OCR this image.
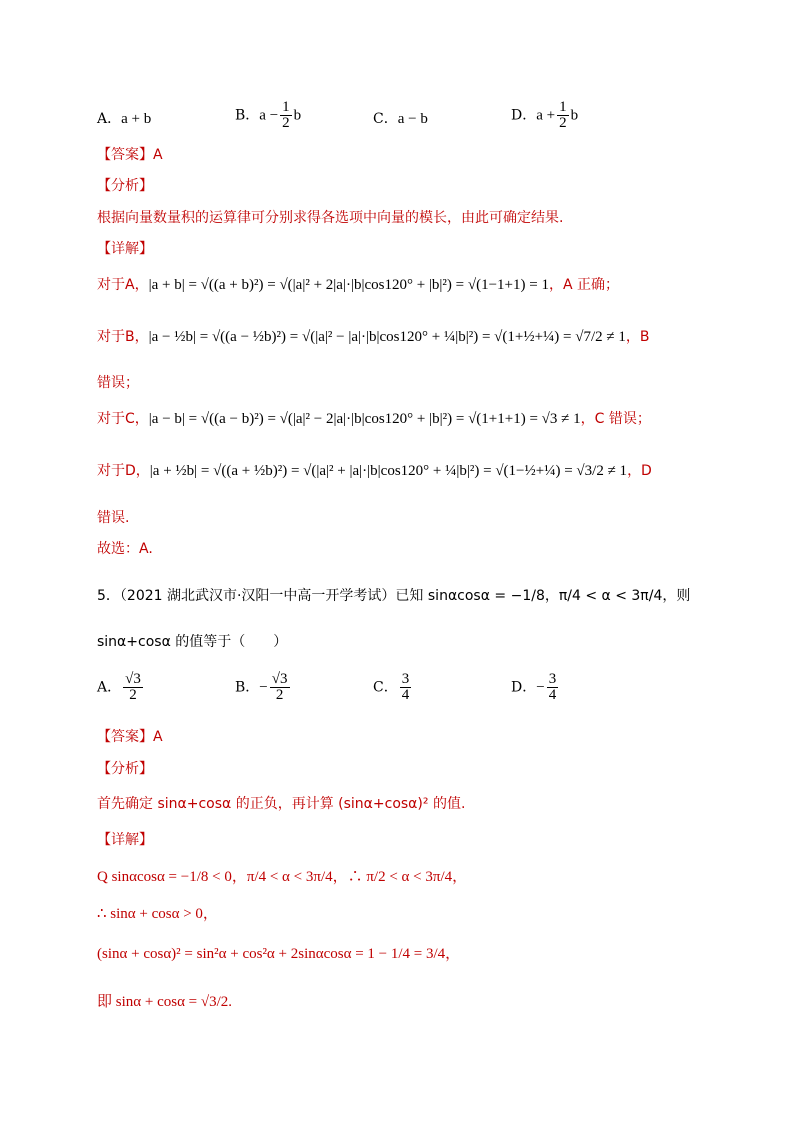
A．a + b	B．$a - \frac{1}{2}$ b	C．a − b	D．$a + \frac{1}{2}$ b
【答案】A
【分析】
根据向量数量积的运算律可分别求得各选项中向量的模长，由此可确定结果.
【详解】
对于A，|a + b| = √((a + b)²) = √(|a|² + 2|a|·|b|cos120° + |b|²) = √(1−1+1) = 1，A 正确；
对于B，|a − ½b| = √((a − ½b)²) = √(|a|² − |a|·|b|cos120° + ¼|b|²) = √(1+½+¼) = √7/2 ≠ 1，B
错误；
对于C，|a − b| = √((a − b)²) = √(|a|² − 2|a|·|b|cos120° + |b|²) = √(1+1+1) = √3 ≠ 1，C 错误；
对于D，|a + ½b| = √((a + ½b)²) = √(|a|² + |a|·|b|cos120° + ¼|b|²) = √(1−½+¼) = √3/2 ≠ 1，D
错误.
故选：A.
5．（2021 湖北武汉市·汉阳一中高一开学考试）已知 sinαcosα = −1/8，π/4 < α < 3π/4，则
sinα+cosα 的值等于（　　）
A． $\frac{√3}{2}$	B．− $\frac{√3}{2}$	C． $\frac{3}{4}$	D．− $\frac{3}{4}$
【答案】A
【分析】
首先确定 sinα+cosα 的正负，再计算 (sinα+cosα)² 的值.
【详解】
Q sinαcosα = −1/8 < 0，π/4 < α < 3π/4，∴ π/2 < α < 3π/4，
∴ sinα + cosα > 0，
(sinα + cosα)² = sin²α + cos²α + 2sinαcosα = 1 − 1/4 = 3/4，
即 sinα + cosα = √3/2.
